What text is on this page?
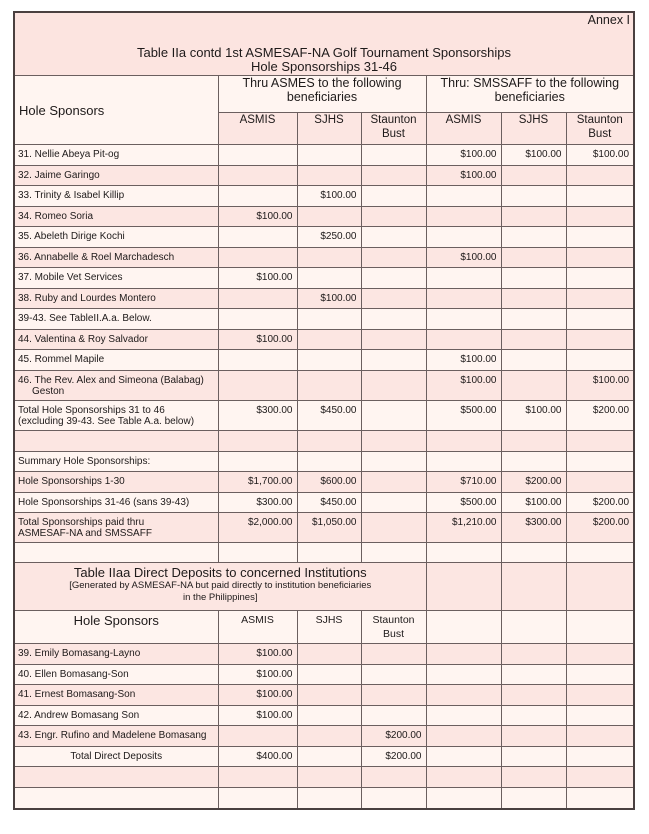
Annex I
Table IIa contd 1st ASMESAF-NA Golf Tournament Sponsorships
Hole Sponsorships 31-46						

Hole Sponsors	Thru ASMES to the following beneficiaries			Thru: SMSSAFF to the following beneficiaries		
	ASMIS	SJHS	Staunton Bust	ASMIS	SJHS	Staunton Bust

31. Nellie Abeya Pit-og				$100.00	$100.00	$100.00

32. Jaime Garingo				$100.00		

33. Trinity & Isabel Killip		$100.00				

34. Romeo Soria	$100.00					

35. Abeleth Dirige Kochi		$250.00				

36. Annabelle & Roel Marchadesch				$100.00		

37. Mobile Vet Services	$100.00					

38. Ruby and Lourdes Montero		$100.00				

39-43. See TableII.A.a. Below.						

44. Valentina & Roy Salvador	$100.00					

45. Rommel Mapile				$100.00		

46. The Rev. Alex and Simeona (Balabag)
Geston				$100.00		$100.00

Total Hole Sponsorships 31 to 46
(excluding 39-43. See Table A.a. below)	$300.00	$450.00		$500.00	$100.00	$200.00

Summary Hole Sponsorships:						

Hole Sponsorships 1-30	$1,700.00	$600.00		$710.00	$200.00	

Hole Sponsorships 31-46 (sans 39-43)	$300.00	$450.00		$500.00	$100.00	$200.00

Total Sponsorships paid thru
ASMESAF-NA and SMSSAFF	$2,000.00	$1,050.00		$1,210.00	$300.00	$200.00

Table IIaa Direct Deposits to concerned Institutions
[Generated by ASMESAF-NA but paid directly to institution beneficiaries
in the Philippines]						

Hole Sponsors	ASMIS	SJHS	Staunton Bust			

39. Emily Bomasang-Layno	$100.00					

40. Ellen Bomasang-Son	$100.00					

41. Ernest Bomasang-Son	$100.00					

42. Andrew Bomasang Son	$100.00					

43. Engr. Rufino and Madelene Bomasang			$200.00			

Total Direct Deposits	$400.00		$200.00			
